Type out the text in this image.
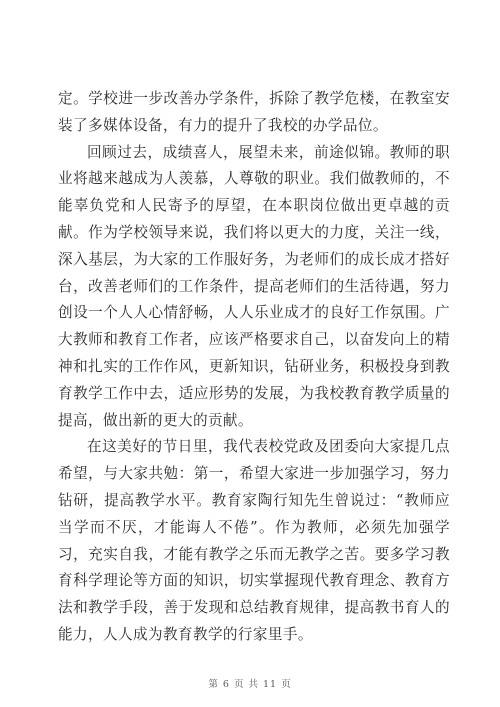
定。学校进一步改善办学条件，拆除了教学危楼，在教室安装了多媒体设备，有力的提升了我校的办学品位。

回顾过去，成绩喜人，展望未来，前途似锦。教师的职业将越来越成为人羡慕，人尊敬的职业。我们做教师的，不能辜负党和人民寄予的厚望，在本职岗位做出更卓越的贡献。作为学校领导来说，我们将以更大的力度，关注一线，深入基层，为大家的工作服好务，为老师们的成长成才搭好台，改善老师们的工作条件，提高老师们的生活待遇，努力创设一个人人心情舒畅，人人乐业成才的良好工作氛围。广大教师和教育工作者，应该严格要求自己，以奋发向上的精神和扎实的工作作风，更新知识，钻研业务，积极投身到教育教学工作中去，适应形势的发展，为我校教育教学质量的提高，做出新的更大的贡献。

在这美好的节日里，我代表校党政及团委向大家提几点希望，与大家共勉：第一，希望大家进一步加强学习，努力钻研，提高教学水平。教育家陶行知先生曾说过：“教师应当学而不厌，才能诲人不倦”。作为教师，必须先加强学习，充实自我，才能有教学之乐而无教学之苦。要多学习教育科学理论等方面的知识，切实掌握现代教育理念、教育方法和教学手段，善于发现和总结教育规律，提高教书育人的能力，人人成为教育教学的行家里手。

第 6 页 共 11 页
